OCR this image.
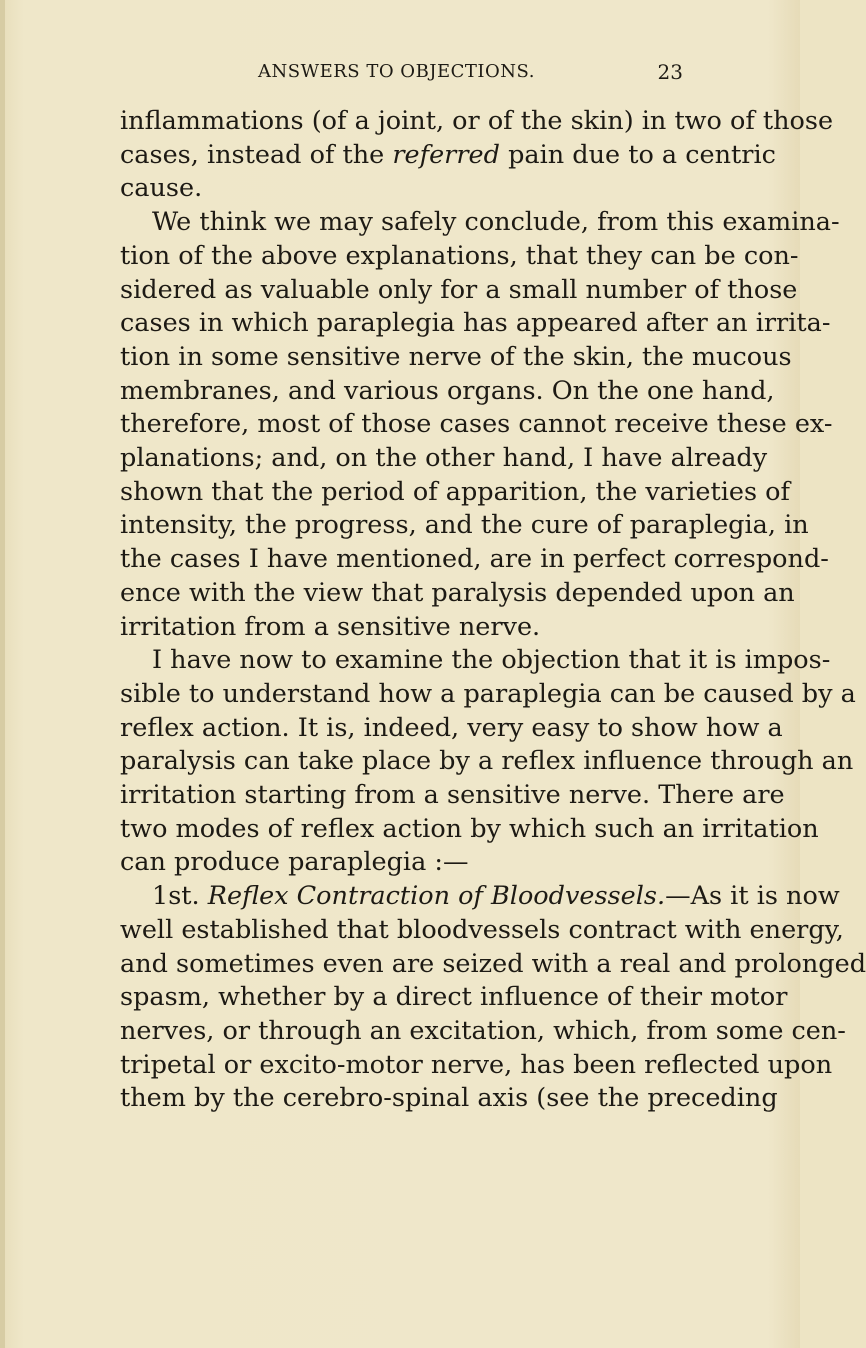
ANSWERS TO OBJECTIONS.	23
inflammations (of a joint, or of the skin) in two of those
cases, instead of the referred pain due to a centric
cause.
We think we may safely conclude, from this examina-
tion of the above explanations, that they can be con-
sidered as valuable only for a small number of those
cases in which paraplegia has appeared after an irrita-
tion in some sensitive nerve of the skin, the mucous
membranes, and various organs. On the one hand,
therefore, most of those cases cannot receive these ex-
planations; and, on the other hand, I have already
shown that the period of apparition, the varieties of
intensity, the progress, and the cure of paraplegia, in
the cases I have mentioned, are in perfect correspond-
ence with the view that paralysis depended upon an
irritation from a sensitive nerve.
I have now to examine the objection that it is impos-
sible to understand how a paraplegia can be caused by a
reflex action. It is, indeed, very easy to show how a
paralysis can take place by a reflex influence through an
irritation starting from a sensitive nerve. There are
two modes of reflex action by which such an irritation
can produce paraplegia :—
1st. Reflex Contraction of Bloodvessels.—As it is now
well established that bloodvessels contract with energy,
and sometimes even are seized with a real and prolonged
spasm, whether by a direct influence of their motor
nerves, or through an excitation, which, from some cen-
tripetal or excito-motor nerve, has been reflected upon
them by the cerebro-spinal axis (see the preceding
